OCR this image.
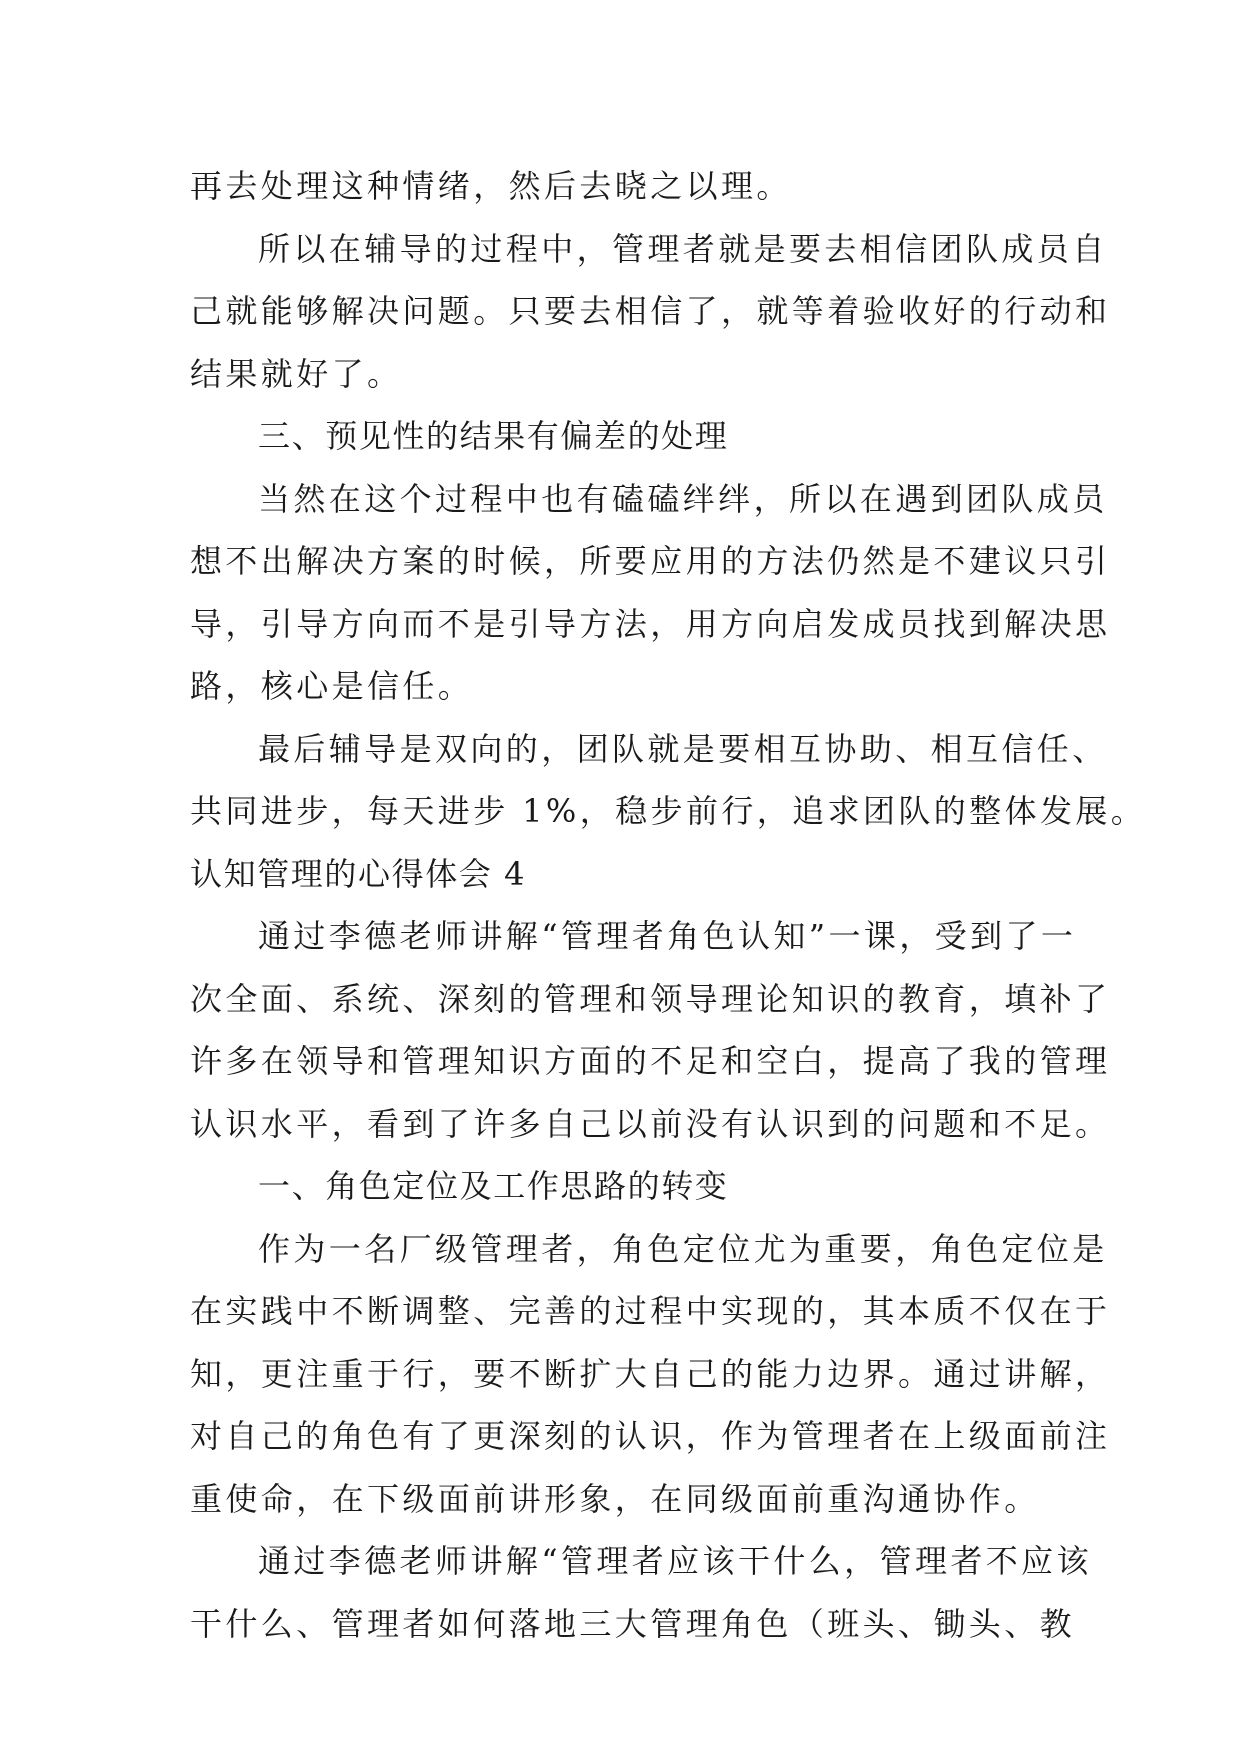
再去处理这种情绪，然后去晓之以理。
所以在辅导的过程中，管理者就是要去相信团队成员自
己就能够解决问题。只要去相信了，就等着验收好的行动和
结果就好了。
三、预见性的结果有偏差的处理
当然在这个过程中也有磕磕绊绊，所以在遇到团队成员
想不出解决方案的时候，所要应用的方法仍然是不建议只引
导，引导方向而不是引导方法，用方向启发成员找到解决思
路，核心是信任。
最后辅导是双向的，团队就是要相互协助、相互信任、
共同进步，每天进步 1%，稳步前行，追求团队的整体发展。
认知管理的心得体会 4
通过李德老师讲解“管理者角色认知”一课，受到了一
次全面、系统、深刻的管理和领导理论知识的教育，填补了
许多在领导和管理知识方面的不足和空白，提高了我的管理
认识水平，看到了许多自己以前没有认识到的问题和不足。
一、角色定位及工作思路的转变
作为一名厂级管理者，角色定位尤为重要，角色定位是
在实践中不断调整、完善的过程中实现的，其本质不仅在于
知，更注重于行，要不断扩大自己的能力边界。通过讲解，
对自己的角色有了更深刻的认识，作为管理者在上级面前注
重使命，在下级面前讲形象，在同级面前重沟通协作。
通过李德老师讲解“管理者应该干什么，管理者不应该
干什么、管理者如何落地三大管理角色（班头、锄头、教
